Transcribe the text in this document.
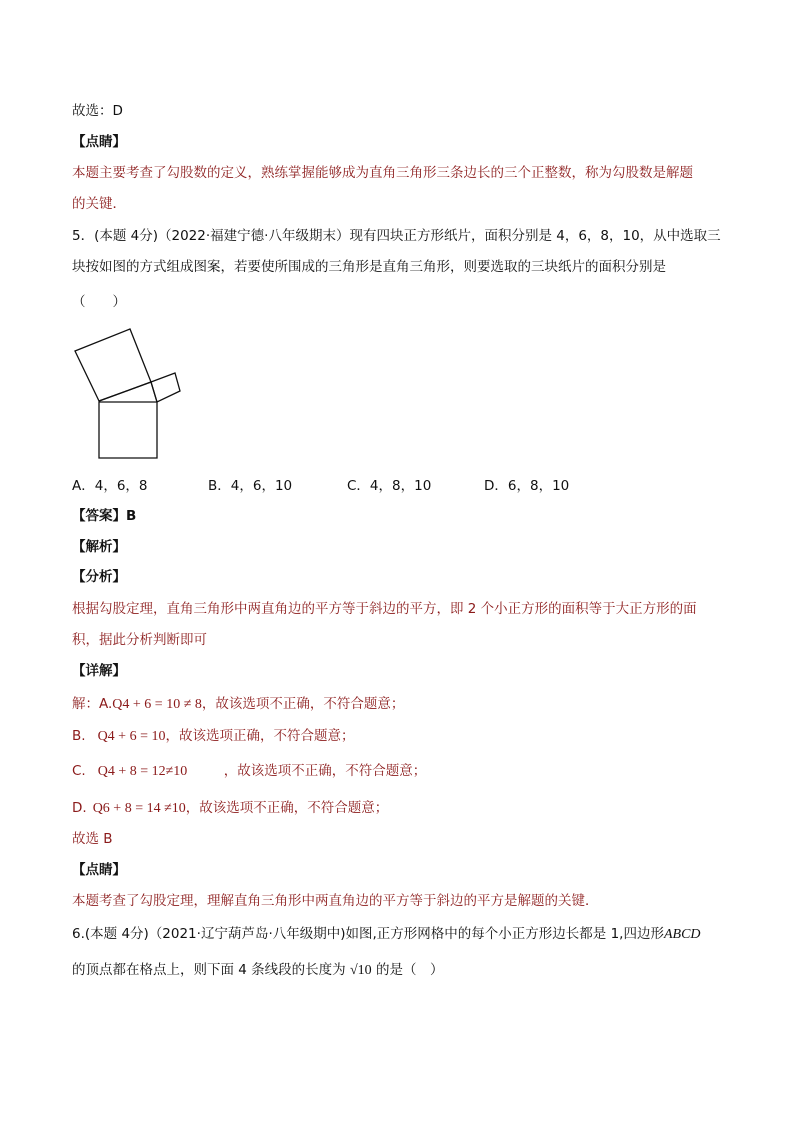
故选：D
【点睛】
本题主要考查了勾股数的定义，熟练掌握能够成为直角三角形三条边长的三个正整数，称为勾股数是解题
的关键．
5．(本题 4分)（2022·福建宁德·八年级期末）现有四块正方形纸片，面积分别是 4，6，8，10，从中选取三
块按如图的方式组成图案，若要使所围成的三角形是直角三角形，则要选取的三块纸片的面积分别是
（　　）
A．4，6，8	B．4，6，10	C．4，8，10	D．6，8，10
【答案】B
【解析】
【分析】
根据勾股定理，直角三角形中两直角边的平方等于斜边的平方，即 2 个小正方形的面积等于大正方形的面
积，据此分析判断即可
【详解】
解：A.Q4 + 6 = 10 ≠ 8，故该选项不正确，不符合题意；
B. Q4 + 6 = 10，故该选项正确，不符合题意；
C. Q4 + 8 = 12≠10	，故该选项不正确，不符合题意；
D. Q6 + 8 = 14 ≠10，故该选项不正确，不符合题意；
故选 B
【点睛】
本题考查了勾股定理，理解直角三角形中两直角边的平方等于斜边的平方是解题的关键．
6.(本题 4分)（2021·辽宁葫芦岛·八年级期中)如图,正方形网格中的每个小正方形边长都是 1,四边形ABCD
的顶点都在格点上，则下面 4 条线段的长度为 √10 的是（　）
